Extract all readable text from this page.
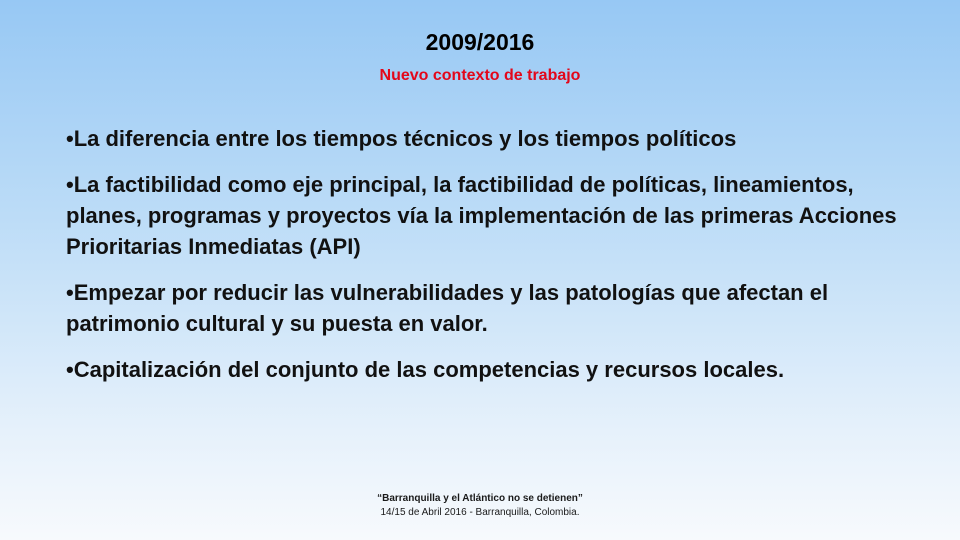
2009/2016
Nuevo contexto de trabajo
•La diferencia entre los tiempos técnicos y los tiempos políticos
•La factibilidad como eje principal, la factibilidad de políticas, lineamientos, planes, programas y proyectos vía la implementación de las primeras Acciones Prioritarias Inmediatas (API)
•Empezar por reducir las vulnerabilidades y las patologías que afectan el patrimonio cultural y su puesta en valor.
•Capitalización del conjunto de las competencias y recursos locales.
“Barranquilla y el Atlántico no se detienen”
14/15 de Abril 2016 - Barranquilla, Colombia.
